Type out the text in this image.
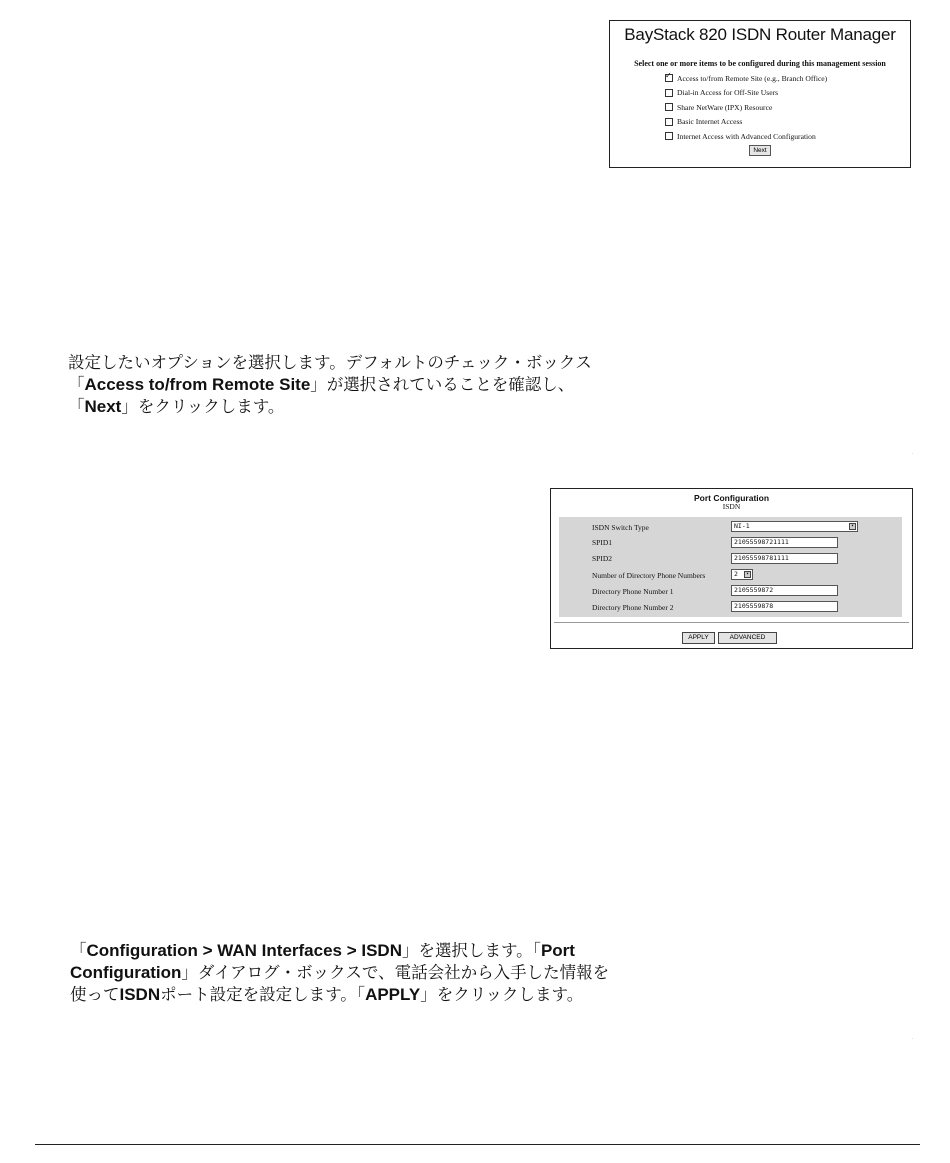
BayStack 820 ISDN Router Manager
Select one or more items to be configured during this management session
✓
Access to/from Remote Site (e.g., Branch Office)
Dial-in Access for Off-Site Users
Share NetWare (IPX) Resource
Basic Internet Access
Internet Access with Advanced Configuration
Next
設定したいオプションを選択します。デフォルトのチェック・ボックス
「Access to/from Remote Site」が選択されていることを確認し、
「Next」をクリックします。
.
Port Configuration
ISDN
ISDN Switch Type	NI-1	▾
SPID1	21055598721111
SPID2	21055598781111
Number of Directory Phone Numbers	2	▾
Directory Phone Number 1	2105559872
Directory Phone Number 2	2105559878
APPLY	ADVANCED
「Configuration > WAN Interfaces > ISDN」を選択します。「Port
Configuration」ダイアログ・ボックスで、電話会社から入手した情報を
使ってISDNポート設定を設定します。「APPLY」をクリックします。
.
